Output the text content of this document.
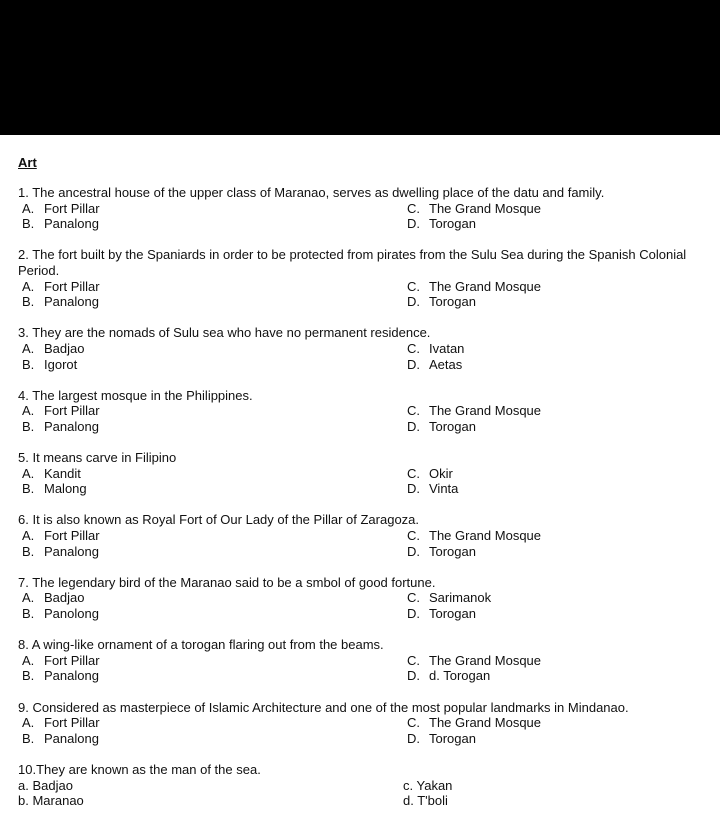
Art
1. The ancestral house of the upper class of Maranao, serves as dwelling place of the datu and family.
A. Fort Pillar	C. The Grand Mosque
B. Panalong	D. Torogan
2. The fort built by the Spaniards in order to be protected from pirates from the Sulu Sea during the Spanish Colonial Period.
A. Fort Pillar	C. The Grand Mosque
B. Panalong	D. Torogan
3. They are the nomads of Sulu sea who have no permanent residence.
A. Badjao	C. Ivatan
B. Igorot	D. Aetas
4. The largest mosque in the Philippines.
A. Fort Pillar	C. The Grand Mosque
B. Panalong	D. Torogan
5. It means carve in Filipino
A. Kandit	C. Okir
B. Malong	D. Vinta
6. It is also known as Royal Fort of Our Lady of the Pillar of Zaragoza.
A. Fort Pillar	C. The Grand Mosque
B. Panalong	D. Torogan
7. The legendary bird of the Maranao said to be a smbol of good fortune.
A. Badjao	C. Sarimanok
B. Panolong	D. Torogan
8. A wing-like ornament of a torogan flaring out from the beams.
A. Fort Pillar	C. The Grand Mosque
B. Panalong	D. d. Torogan
9. Considered as masterpiece of Islamic Architecture and one of the most popular landmarks in Mindanao.
A. Fort Pillar	C. The Grand Mosque
B. Panalong	D. Torogan
10.They are known as the man of the sea.
a. Badjao	c. Yakan
b. Maranao	d. T'boli
